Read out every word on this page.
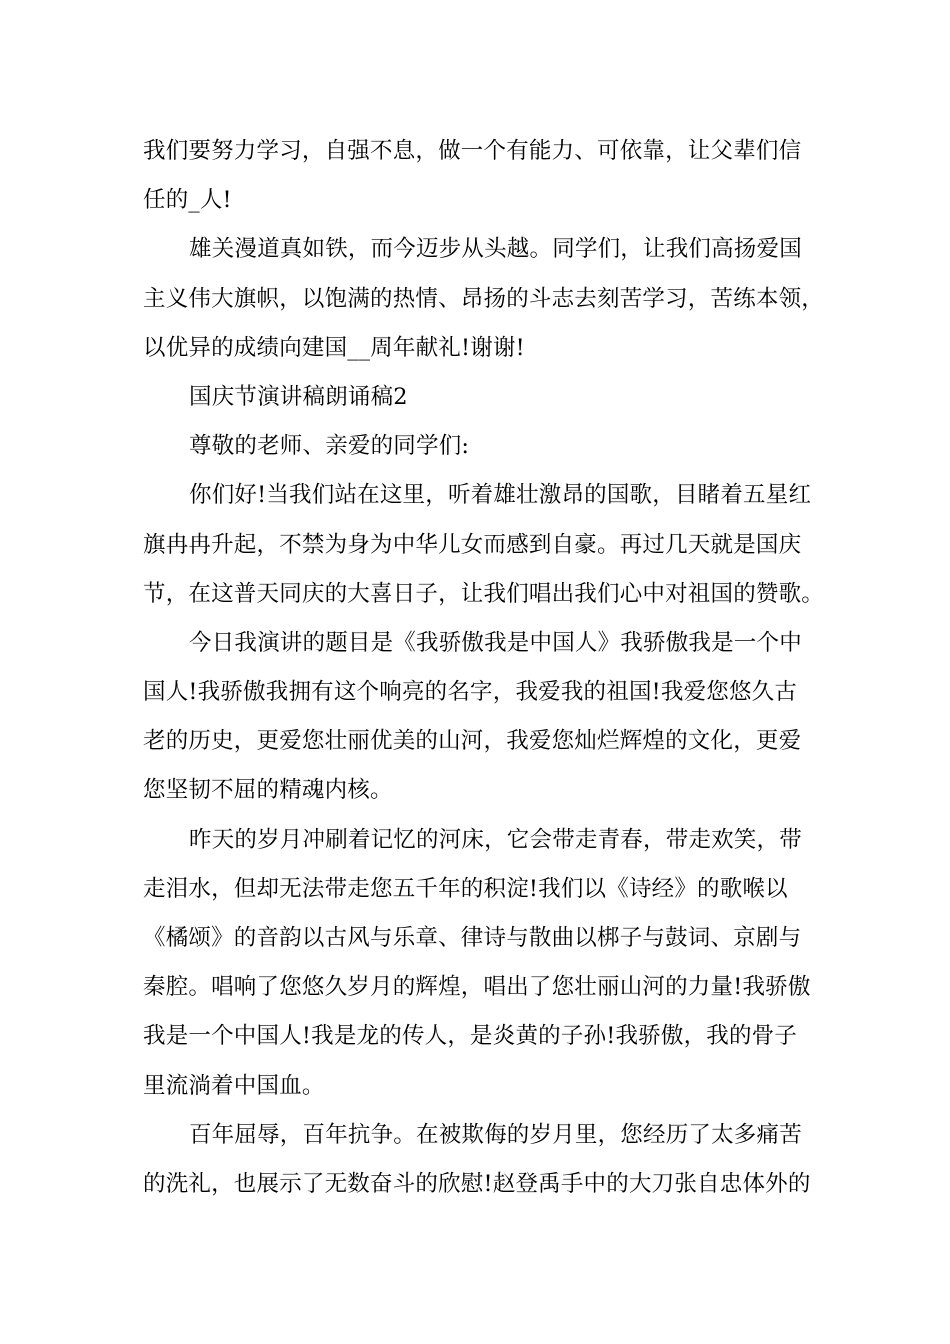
我们要努力学习，自强不息，做一个有能力、可依靠，让父辈们信
任的_人!
雄关漫道真如铁，而今迈步从头越。同学们，让我们高扬爱国
主义伟大旗帜，以饱满的热情、昂扬的斗志去刻苦学习，苦练本领，
以优异的成绩向建国__周年献礼!谢谢!
国庆节演讲稿朗诵稿2
尊敬的老师、亲爱的同学们:
你们好!当我们站在这里，听着雄壮激昂的国歌，目睹着五星红
旗冉冉升起，不禁为身为中华儿女而感到自豪。再过几天就是国庆
节，在这普天同庆的大喜日子，让我们唱出我们心中对祖国的赞歌。
今日我演讲的题目是《我骄傲我是中国人》我骄傲我是一个中
国人!我骄傲我拥有这个响亮的名字，我爱我的祖国!我爱您悠久古
老的历史，更爱您壮丽优美的山河，我爱您灿烂辉煌的文化，更爱
您坚韧不屈的精魂内核。
昨天的岁月冲刷着记忆的河床，它会带走青春，带走欢笑，带
走泪水，但却无法带走您五千年的积淀!我们以《诗经》的歌喉以
《橘颂》的音韵以古风与乐章、律诗与散曲以梆子与鼓词、京剧与
秦腔。唱响了您悠久岁月的辉煌，唱出了您壮丽山河的力量!我骄傲
我是一个中国人!我是龙的传人，是炎黄的子孙!我骄傲，我的骨子
里流淌着中国血。
百年屈辱，百年抗争。在被欺侮的岁月里，您经历了太多痛苦
的洗礼，也展示了无数奋斗的欣慰!赵登禹手中的大刀张自忠体外的
